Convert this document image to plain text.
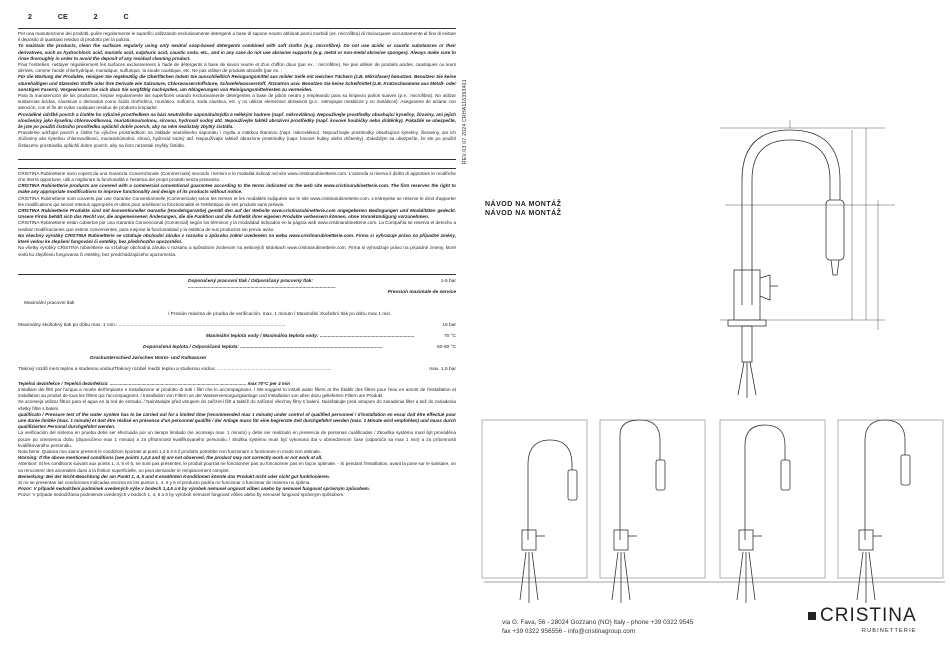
2	CE	2	C

Per una manutenzione dei prodotti, pulire regolarmente le superfici utilizzando esclusivamente detergenti a base di sapone neutro abbinati panni morbidi (es. microfibra) di risciacquare accuratamente al fine di evitare il deposito di qualsiasi residuo di prodotto per la pulizia.

To maintain the products, clean the surfaces regularly using only neutral soap-based detergents combined with soft cloths (e.g. microfibre). Do not use acidic or caustic substances or their derivatives, such as hydrochloric acid, muriatic acid, sulphuric acid, caustic soda, etc., and in any case do not use abrasive supports (e.g. metal or non-metal abrasive sponges). Always make sure to rinse thoroughly in order to avoid the deposit of any residual cleaning product.

Pour l'entretien, nettoyer régulièrement les surfaces exclusivement à l'aide de détergents à base de savon neutre et d'un chiffon doux (par ex. : microfibre). Ne pas utiliser de produits acides, caustiques ou leurs dérivés, comme l'acide chlorhydrique, muriatique, sulfurique, la soude caustique, etc. Ne pas utiliser de produits abrasifs (par ex. :

Für die Wartung der Produkte, reinigen Sie regelmäßig die Oberflächen indem Sie ausschließlich Reinigungsmittel aus milder Seife mit weichen Tüchern (z.B. Mikrofaser) benutzen. Benutzen Sie keine säurehaltigen und ätzenden Stoffe oder ihre Derivate wie Salzsäure, Chlorwasserstoffsäure, Schwefelwasserstoff, Ätznatron usw. Benutzen Sie keine Scheifmittel (z.B. Kratzschwamme aus Metall- oder sonstigen Fasern). Vergewissern Sie sich dass Sie sorgfältig nachspülen, um Ablagerungen von Reinigungsmittelresten zu vermeiden.

Para la manutención de los productos, limpiar regularmente las superficies usando exclusivamente detergentes a base de jabón neutro y empleando para su limpieza paños suaves (p.e.: microfibra). No utilizar sustancias ácidas, cáusticas o derivados como ácido clorhídrico, muriático, sulfúrico, soda cáustica, etc. y no utilizar elementos abrasivos (p.e.: estropajos metálicos y no metálicos). Asegurarse de aclarar con atención, con el fin de evitar cualquier residuo de producto limpiador.

Prováděné údržbě povrch a čistěte ho výlučně prostředkem na bázi neutrálního saponátu/mýdla a měkkým hadrem (např. mikrovlákno). Nepoužívejte prostředky obsahující kyseliny, žíraviny, ani jejich sloučeniny jako kyselinu chlorovodíkovou, muriatickou/solnou, sírovou, hydroxid sodný atd. Nepoužívejte taktéž abrazivní prostředky (např. kovové houbičky nebo drátěnky). Pokaždé se ubezpečte, že jste po použití čisticího prostředku opláchli dobře povrch, aby na něm nezůstaly zbytky čistidla.

Pravidelne udržujte povrch a čistite ho výlučne prostriedkom na základe neutrálneho saponátu / mydla a mäkkou tkaninou (napr. mikrovlákno). Nepoužívajte prostriedky obsahujúce kyseliny, žieraviny, ani ich zlúčeniny ako kyselinu chlorovodíkovú, muriatickú/solnú, sírovú, hydroxid sodný atď. Nepoužívajte taktiež abrazívne prostriedky (napr. kovové hubky alebo drôtenky). Zakaždým sa ubezpečte, že ste po použití čistiaceho prostriedku opláchli dobre povrch, aby na ňom nezostali zvyšky čistidla.

CRISTINA Rubinetterie sono coperti da una Garanzia Convenzionale (Commerciale) secondo i termini e le modalità indicati nel sito www.cristinarubinetterie.com. L'azienda si riserva il diritto di apportare le modifiche che riterrà opportune, utili a migliorare la funzionalità e l'estetica dei propri prodotti senza preavviso.

CRISTINA Rubinetterie products are covered with a commercial conventional guarantee according to the terms indicated on the web site www.cristinarubinetterie.com. The firm reserves the right to make any appropriate modifications to improve functionality and design of its products without notice.

CRISTINA Rubinetterie sont couverts par une Garantie Conventionnelle (Commerciale) selon les termes et les modalités indiquées sur le site www.cristinarubinetterie.com. L'entreprise se réserve le droit d'apporter les modifications qui seront retenus appropriés et utiles pour améliorer la fonctionnalité et l'esthétique de ses produits sans préavis.

CRISTINA Rubinetterie Produkte sind mit konventioneller Garantie (Handelsgarantie) gemäß den auf der Website www.cristinarubinetterie.com angegebenen Bedingungen und Modalitäten gedeckt. Unsere Firma behält sich das Recht vor, die angemessenen Änderungen, die die Funktion und die Ästhetik ihrer eigenen Produkte verbessern können, ohne Vorankündigung vorzunehmen.

CRISTINA Rubinetterie están cubiertos por una Garantía Convencional (Comercial) según los términos y la modalidad indicados en la página web www.cristinarubinetterie.com. La Compañía se reserva el derecho a realizar modificaciones que estime convenientes, para mejorar la funcionalidad y la estética de sus productos sin previo aviso.

Na všechny výrobky CRISTINA Rubinetterie se vztahuje obchodní záruka v rozsahu a způsobu zněmi uvedeném na webu www.cristinarubinetterie.com. Firma si vyhrazuje právo na případné změny, které vedou ke zlepšení fungování či estetiky, bez předchozího upozornění.

Na všetky výrobky CRISTINA rubinetterie sa vzťahuje obchodná záruka v rozsahu a spôsobom zvolenom na webových stránkach www.cristinarubinetterie.com. Firma si vyhradzuje právo na prípadné zmeny, ktoré vedú ku zlepšeniu fungovania či estetiky, bez predchádzajúceho upozornenia.

Doporučený pracovní tlak / Odporúčaný pracovný tlak: ...............................................................................................................
1-5 bar
Pression maximale de service
Maximální pracovní tlak
/ Presión máxima de prueba de verificación, max. 1 minuto / Maximální zkušební tlak po dobu max 1 min.
Maximálny skúšobný tlak po dobu max. 1 min.: .............................................................................................................................	16 bar
Maximální teplota vody / Maximálna teplota vody: .......................................................................	70 °C
Doporučená teplota / Odporúčaná teplota: ...........................................................................................................	50-60 °C
Druckunterschied zwischen Warm- und Kaltwasser
Tlakový rozdíl mezi teplou a studenou vodou/Tlakový rozdiel medzi teplou a studenou vodou: ......................................................................................	max. 1,5 bar

Tepelná dezinfekce / Tepelná dezinfekcia: ........................................................................................................... max 70°C per 4 min

Installare dei filtri per l'acqua a monte dell'impianto e installazione al prodotto di tutti i filtri che lo accompagnano. / We suggest to install water filters at the Établir des filtres pour l'eau en amont de l'installation et installation au produit de tous les filtres qui l'accompagnent. / Installation von Filtern an der Wasserversorgungsanlage und Installation von allen dazu gelieferten Filtern am Produkt.

Se aconseja utilizar filtros para el agua en la red de entrada. / Nainstalujte před vstupem do zařízení filtr a taktéž do zařízení všechny filtry s balení. Nainštalujte pred vstupom do zariadenia filter a tiež do zariadenia všetky filtre s balení.

qualificato / Pressure test of the water system has to be carried out for a limited time (recommended max 1 minute) under control of qualified personnel / d'installation en essai doit être effectué pour une durée limitée (max. 1 minute) et doit être réalisé en présence d'un personnel qualifié / der Anlage muss für eine begrenzte Zeit durchgeführt werden (max. 1 Minute wird empfohlen) und muss durch qualifiziertes Personal durchgeführt werden.

La verificación del sistema en prueba debe ser efectuada por un tiempo limitado (se aconseja max. 1 minuto) y debe ser realizado en presencia de personas cualificadas / Zkouška systému musí být prováděna pouze po omezenou dobu (doporučeno max 1 minuta) a za přítomnosti kvalifikovaného personálu / Skúška systému musí byť vykonaná iba v obmedzenom čase (odporúča sa max 1 min) a za prítomnosti kvalifikovaného personálu.

Nota bene: Qualora non siano presenti le condizioni riportate ai punti 1,4,5 e 6 il prodotto potrebbe non funzionare o funzionare in modo non ottimale.

Warning: If the above mentioned conditions (see points 1,4,5 and 6) are not observed, the product may not correctly work or not work at all.

Attention: Si les conditions suivant aux points 1, 4, 5 et 6, ne sont pas présentes, le produit pourrait ne fonctionner pas ou fonctionner pas en façon optimale. - Si pendant l'installation, avant la pose sur le sanitaire, on va rencontrer des anomalies dues à la finition superficielle, on peut demander le remplacement complet.

Bemerkung: Bei der Nicht-Beachtung der am Punkt 1, 4, 5 und 6 erwähnten Konditionen könnte das Produkt nicht oder nicht gut funktionieren.

Si no se presentan las condiciones indicadas encima en los puntos 1, 4, 5 y 6 el producto podría no funcionar o funcionar de manera no óptima.

Pozor: V případě nedodržení podmínek uvedených výše v bodech 1,4,5 a 6 by výrobek nemusel ungovat vůbec anebo by nemusel fungovat správným způsobem.

Pozor: V prípade nedodržania podmienok uvedených v bodoch 1, 4, 5 a 6 by výrobok nemusel fungovať vôbec alebo by nemusel fungovať správnym spôsobom.

REV.03 07.2024 CRHA116393401
NÁVOD NA MONTÁŽ
NÁVOD NA MONTÁŽ
via G. Fava, 56 - 28024 Gozzano (NO) Italy - phone +39 0322 9545
fax +39 0322 956556 - info@cristinagroup.com
CRISTINA
RUBINETTERIE
